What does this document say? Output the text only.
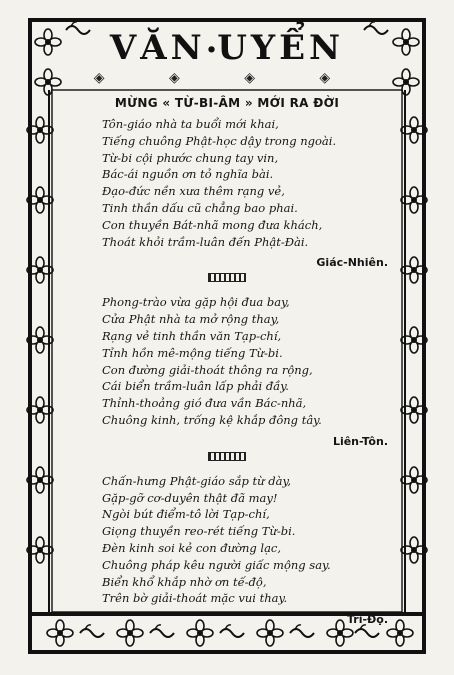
VĂN•UYỂN
◈ ◈ ◈ ◈
MỪNG « TỪ-BI-ÂM » MỚI RA ĐỜI
Tôn-giáo nhà ta buổi mới khai,
Tiếng chuông Phật-học dậy trong ngoài.
Từ-bi cội phước chung tay vin,
Bác-ái nguồn ơn tỏ nghĩa bài.
Đạo-đức nền xưa thêm rạng vẻ,
Tinh thần dấu cũ chẳng bao phai.
Con thuyền Bát-nhã mong đưa khách,
Thoát khỏi trầm-luân đến Phật-Đài.
Giác-Nhiên.
Phong-trào vừa gặp hội đua bay,
Cửa Phật nhà ta mở rộng thay,
Rạng vẻ tinh thần văn Tạp-chí,
Tỉnh hồn mê-mộng tiếng Từ-bi.
Con đường giải-thoát thông ra rộng,
Cái biển trầm-luân lấp phải đầy.
Thỉnh-thoảng gió đưa vần Bác-nhã,
Chuông kinh, trống kệ khắp đông tây.
Liên-Tôn.
Chấn-hưng Phật-giáo sắp từ dày,
Gặp-gỡ cơ-duyên thật đã may!
Ngòi bút điểm-tô lời Tạp-chí,
Giọng thuyền reo-rét tiếng Từ-bi.
Đèn kinh soi kẻ con đường lạc,
Chuông pháp kêu người giấc mộng say.
Biển khổ khắp nhờ ơn tế-độ,
Trên bờ giải-thoát mặc vui thay.
Trí-Độ.
